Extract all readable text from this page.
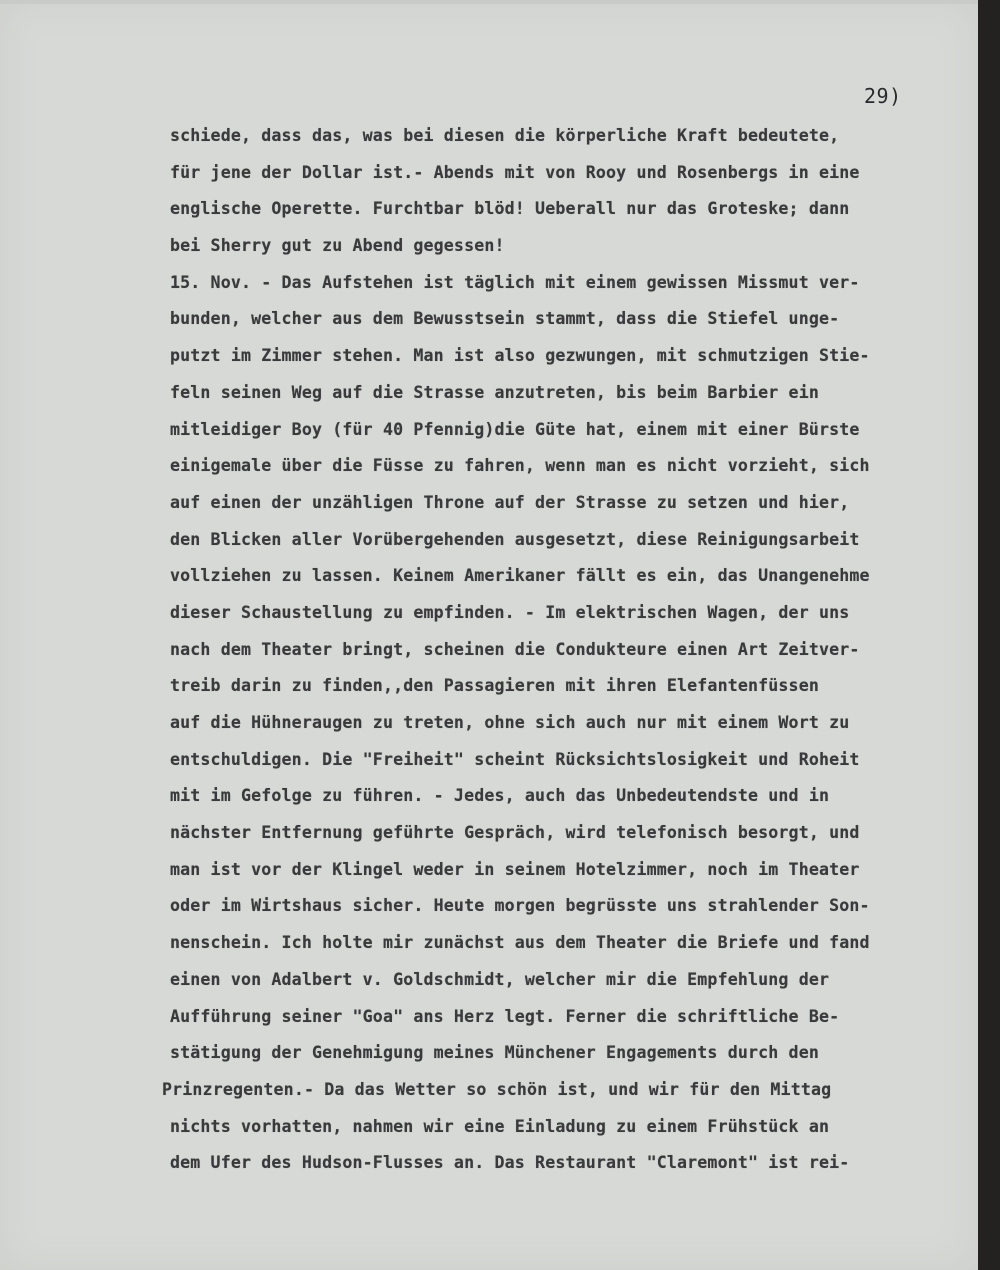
29)
schiede, dass das, was bei diesen die körperliche Kraft bedeutete,
für jene der Dollar ist.- Abends mit von Rooy und Rosenbergs in eine
englische Operette. Furchtbar blöd! Ueberall nur das Groteske; dann
bei Sherry gut zu Abend gegessen!
15. Nov. - Das Aufstehen ist täglich mit einem gewissen Missmut ver-
bunden, welcher aus dem Bewusstsein stammt, dass die Stiefel unge-
putzt im Zimmer stehen. Man ist also gezwungen, mit schmutzigen Stie-
feln seinen Weg auf die Strasse anzutreten, bis beim Barbier ein
mitleidiger Boy (für 40 Pfennig)die Güte hat, einem mit einer Bürste
einigemale über die Füsse zu fahren, wenn man es nicht vorzieht, sich
auf einen der unzähligen Throne auf der Strasse zu setzen und hier,
den Blicken aller Vorübergehenden ausgesetzt, diese Reinigungsarbeit
vollziehen zu lassen. Keinem Amerikaner fällt es ein, das Unangenehme
dieser Schaustellung zu empfinden. - Im elektrischen Wagen, der uns
nach dem Theater bringt, scheinen die Condukteure einen Art Zeitver-
treib darin zu finden,,den Passagieren mit ihren Elefantenfüssen
auf die Hühneraugen zu treten, ohne sich auch nur mit einem Wort zu
entschuldigen. Die "Freiheit" scheint Rücksichtslosigkeit und Roheit
mit im Gefolge zu führen. - Jedes, auch das Unbedeutendste und in
nächster Entfernung geführte Gespräch, wird telefonisch besorgt, und
man ist vor der Klingel weder in seinem Hotelzimmer, noch im Theater
oder im Wirtshaus sicher. Heute morgen begrüsste uns strahlender Son-
nenschein. Ich holte mir zunächst aus dem Theater die Briefe und fand
einen von Adalbert v. Goldschmidt, welcher mir die Empfehlung der
Aufführung seiner "Goa" ans Herz legt. Ferner die schriftliche Be-
stätigung der Genehmigung meines Münchener Engagements durch den
Prinzregenten.- Da das Wetter so schön ist, und wir für den Mittag
nichts vorhatten, nahmen wir eine Einladung zu einem Frühstück an
dem Ufer des Hudson-Flusses an. Das Restaurant "Claremont" ist rei-
